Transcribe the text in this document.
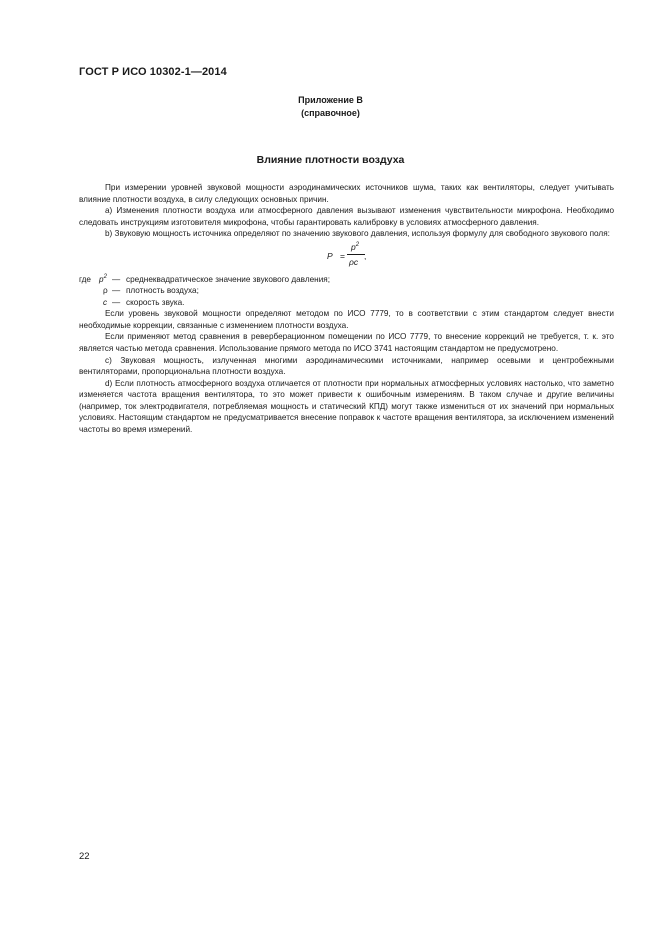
ГОСТ Р ИСО 10302-1—2014
Приложение В
(справочное)
Влияние плотности воздуха

При измерении уровней звуковой мощности аэродинамических источников шума, таких как вентиляторы, следует учитывать влияние плотности воздуха, в силу следующих основных причин.

а) Изменения плотности воздуха или атмосферного давления вызывают изменения чувствительности микрофона. Необходимо следовать инструкциям изготовителя микрофона, чтобы гарантировать калибровку в условиях атмосферного давления.

b) Звуковую мощность источника определяют по значению звукового давления, используя формулу для свободного звукового поля:

P =
$p^2$
ρc
,
где $p^2$ — среднеквадратическое значение звукового давления;
ρ — плотность воздуха;
c — скорость звука.

Если уровень звуковой мощности определяют методом по ИСО 7779, то в соответствии с этим стандартом следует внести необходимые коррекции, связанные с изменением плотности воздуха.

Если применяют метод сравнения в реверберационном помещении по ИСО 7779, то внесение коррекций не требуется, т. к. это является частью метода сравнения. Использование прямого метода по ИСО 3741 настоящим стандартом не предусмотрено.

с) Звуковая мощность, излученная многими аэродинамическими источниками, например осевыми и центробежными вентиляторами, пропорциональна плотности воздуха.

d) Если плотность атмосферного воздуха отличается от плотности при нормальных атмосферных условиях настолько, что заметно изменяется частота вращения вентилятора, то это может привести к ошибочным измерениям. В таком случае и другие величины (например, ток электродвигателя, потребляемая мощность и статический КПД) могут также измениться от их значений при нормальных условиях. Настоящим стандартом не предусматривается внесение поправок к частоте вращения вентилятора, за исключением изменений частоты во время измерений.

22
